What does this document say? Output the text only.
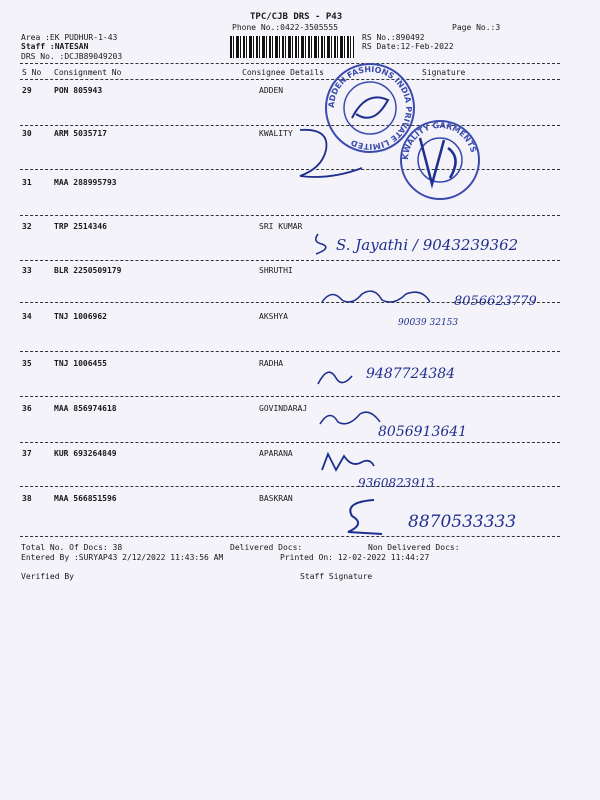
TPC/CJB DRS - P43
Phone No.:0422-3505555	Page No.:3
Area :EK PUDHUR-1-43
Staff :NATESAN
DRS No. :DCJB89049203
RS No.:890492
RS Date:12-Feb-2022
S No Consignment No	Consignee Details	Signature
29	PON 805943	ADDEN
30	ARM 5035717	KWALITY
31	MAA 288995793
32	TRP 2514346	SRI KUMAR
33	BLR 2250509179	SHRUTHI
34	TNJ 1006962	AKSHYA
35	TNJ 1006455	RADHA
36	MAA 856974618	GOVINDARAJ
37	KUR 693264849	APARANA
38	MAA 566851596	BASKRAN
ADDEN FASHIONS INDIA PRIVATE LIMITED
KWALITY GARMENTS
S. Jayathi / 9043239362
8056623779
90039 32153
9487724384
8056913641
9360823913
8870533333
Total No. Of Docs: 38	Delivered Docs:	Non Delivered Docs:
Entered By :SURYAP43 2/12/2022 11:43:56 AM	Printed On: 12-02-2022 11:44:27
Verified By	Staff Signature
